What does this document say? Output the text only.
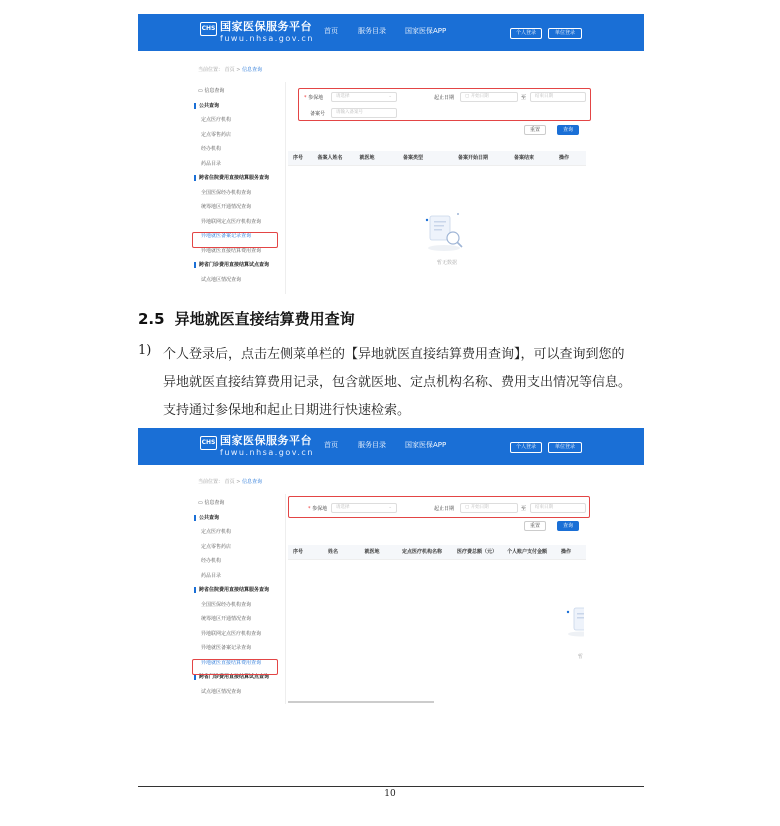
CHS 国家医保服务平台
fuwu.nhsa.gov.cn
首页	服务目录	国家医保APP	个人登录	单位登录
当前位置： 首页 > 信息查询
▭ 信息查询
公共查询
定点医疗机构
定点零售药店
经办机构
药品目录
跨省住院费用直接结算服务查询
全国医保经办机构查询
统筹地区开通情况查询
异地联网定点医疗机构查询
异地就医备案记录查询
异地就医直接结算费用查询
跨省门诊费用直接结算试点查询
试点地区情况查询
* 参保地	请选择	⌄	起止日期	▢ 开始日期	至	结束日期
备案号	请输入备案号
重置	查询
序号	备案人姓名	就医地	备案类型	备案开始日期	备案结束	操作
暂无数据
2.5 异地就医直接结算费用查询
1) 个人登录后，点击左侧菜单栏的【异地就医直接结算费用查询】，可以查询到您的
异地就医直接结算费用记录，包含就医地、定点机构名称、费用支出情况等信息。
支持通过参保地和起止日期进行快速检索。
CHS 国家医保服务平台
fuwu.nhsa.gov.cn
首页	服务目录	国家医保APP	个人登录	单位登录
当前位置： 首页 > 信息查询
▭ 信息查询
公共查询
定点医疗机构
定点零售药店
经办机构
药品目录
跨省住院费用直接结算服务查询
全国医保经办机构查询
统筹地区开通情况查询
异地联网定点医疗机构查询
异地就医备案记录查询
异地就医直接结算费用查询
跨省门诊费用直接结算试点查询
试点地区情况查询
* 参保地	请选择	⌄	起止日期	▢ 开始日期	至	结束日期
重置	查询
序号	姓名	就医地	定点医疗机构名称	医疗费总额（元） 个人账户支付金额	操作
暂
10
